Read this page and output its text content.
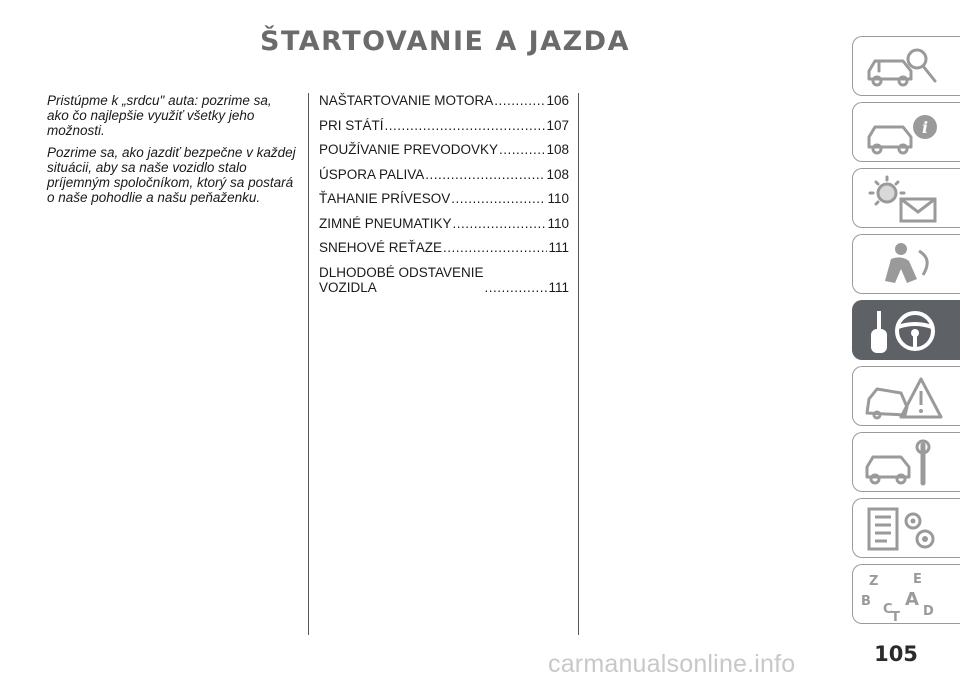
ŠTARTOVANIE A JAZDA

Pristúpme k „srdcu" auta: pozrime sa, ako čo najlepšie využiť všetky jeho možnosti.

Pozrime sa, ako jazdiť bezpečne v každej situácii, aby sa naše vozidlo stalo príjemným spoločníkom, ktorý sa postará o naše pohodlie a našu peňaženku.

NAŠTARTOVANIE MOTORA .....	106
PRI STÁTÍ .....	107
POUŽÍVANIE PREVODOVKY .....	108
ÚSPORA PALIVA .....	108
ŤAHANIE PRÍVESOV .....	110
ZIMNÉ PNEUMATIKY .....	110
SNEHOVÉ REŤAZE .....	111
DLHODOBÉ ODSTAVENIE
VOZIDLA .....	111
i
Z	E
B A
C D
T
105
carmanualsonline.info
